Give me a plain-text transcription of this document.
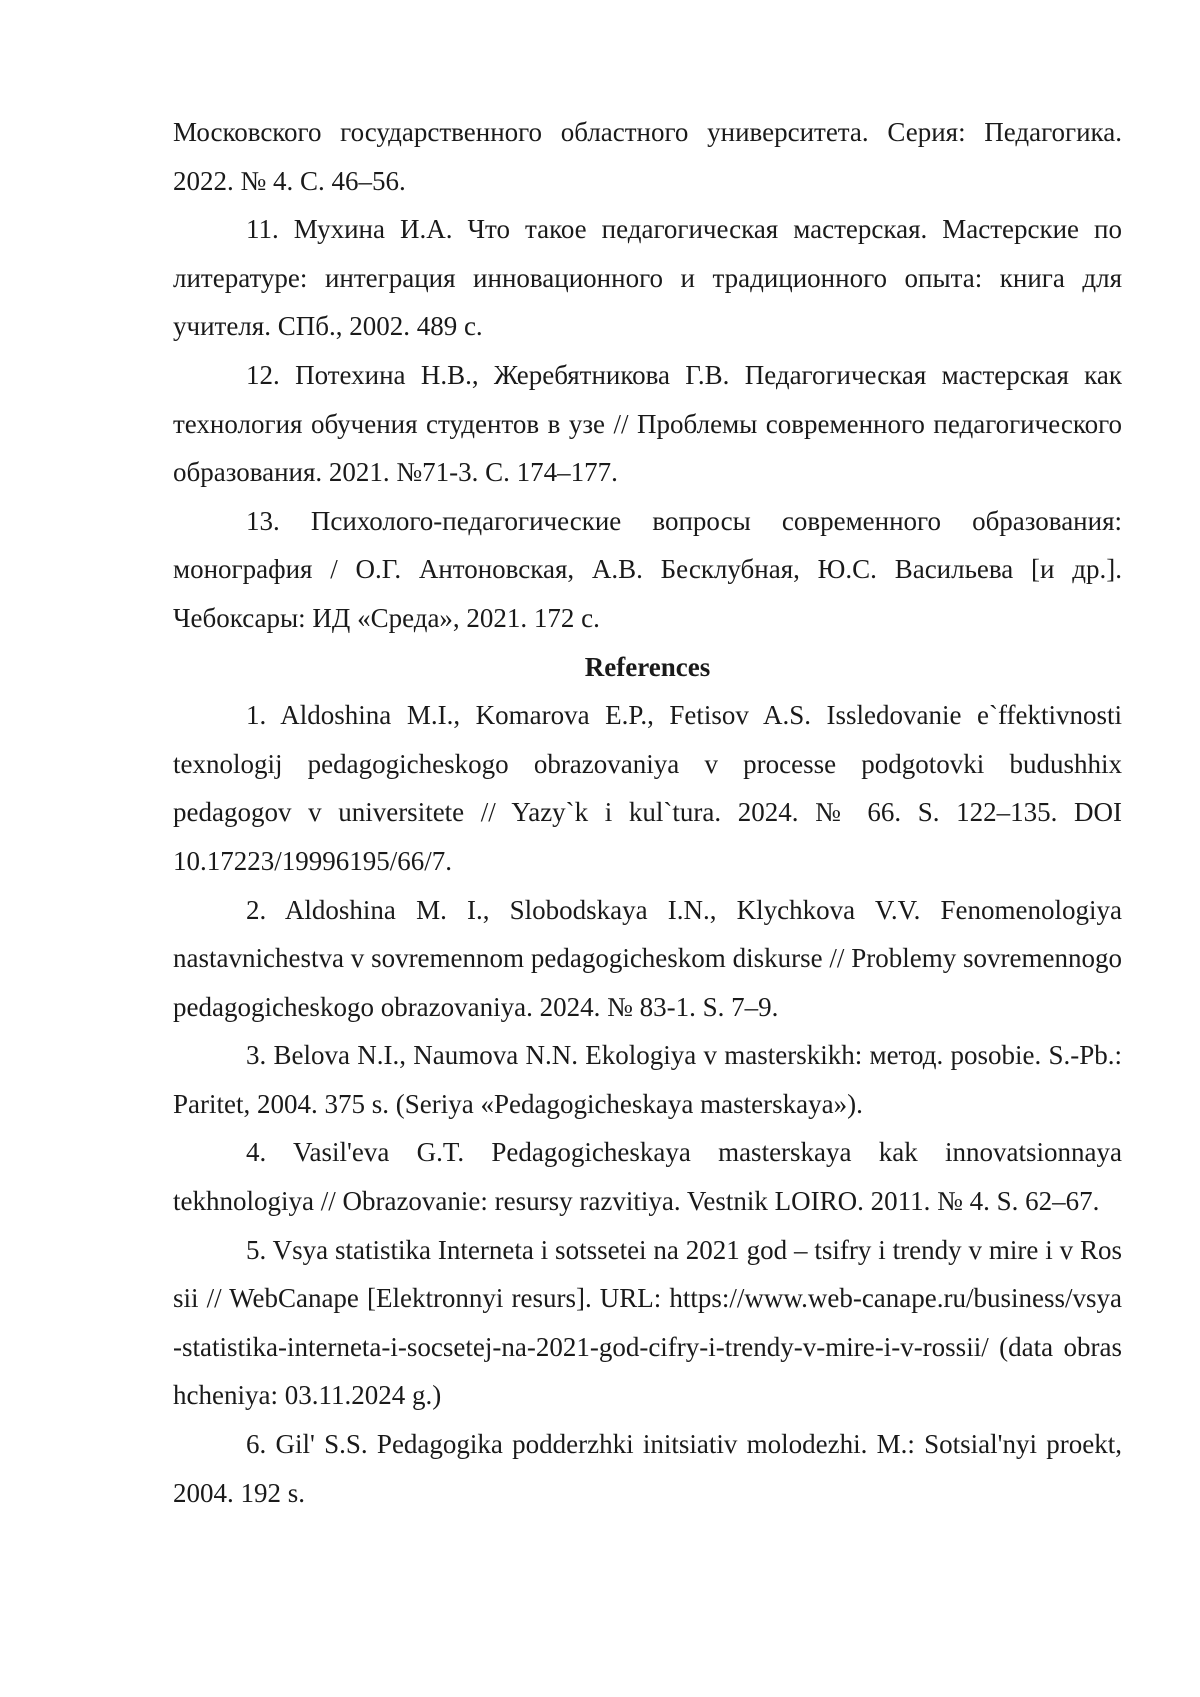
Московского государственного областного университета. Серия: Педагогика. 2022. № 4. С. 46–56.

11. Мухина И.А. Что такое педагогическая мастерская. Мастерские по литературе: интеграция инновационного и традиционного опыта: книга для учителя. СПб., 2002. 489 с.

12. Потехина Н.В., Жеребятникова Г.В. Педагогическая мастерская как технология обучения студентов в узе // Проблемы современного педагогического образования. 2021. №71-3. С. 174–177.

13. Психолого-педагогические вопросы современного образования: монография / О.Г. Антоновская, А.В. Бесклубная, Ю.С. Васильева [и др.]. Чебоксары: ИД «Среда», 2021. 172 с.

References

1. Aldoshina M.I., Komarova E.P., Fetisov A.S. Issledovanie e`ffektivnosti texnologij pedagogicheskogo obrazovaniya v processe podgotovki budushhix pedagogov v universitete // Yazy`k i kul`tura. 2024. № 66. S. 122–135. DOI 10.17223/19996195/66/7.

2. Aldoshina M. I., Slobodskaya I.N., Klychkova V.V. Fenomenologiya nastavnichestva v sovremennom pedagogicheskom diskurse // Problemy sovremennogo pedagogicheskogo obrazovaniya. 2024. № 83-1. S. 7–9.

3. Belova N.I., Naumova N.N. Ekologiya v masterskikh: метод. posobie. S.-Pb.: Paritet, 2004. 375 s. (Seriya «Pedagogicheskaya masterskaya»).

4. Vasil'eva G.T. Pedagogicheskaya masterskaya kak innovatsionnaya tekhnologiya // Obrazovanie: resursy razvitiya. Vestnik LOIRO. 2011. № 4. S. 62–67.

5. Vsya statistika Interneta i sotssetei na 2021 god – tsifry i trendy v mire i v Rossii // WebCanape [Elektronnyi resurs]. URL: https://www.web-canape.ru/business/vsya-statistika-interneta-i-socsetej-na-2021-god-cifry-i-trendy-v-mire-i-v-rossii/ (data obrashcheniya: 03.11.2024 g.)

6. Gil' S.S. Pedagogika podderzhki initsiativ molodezhi. M.: Sotsial'nyi proekt, 2004. 192 s.
